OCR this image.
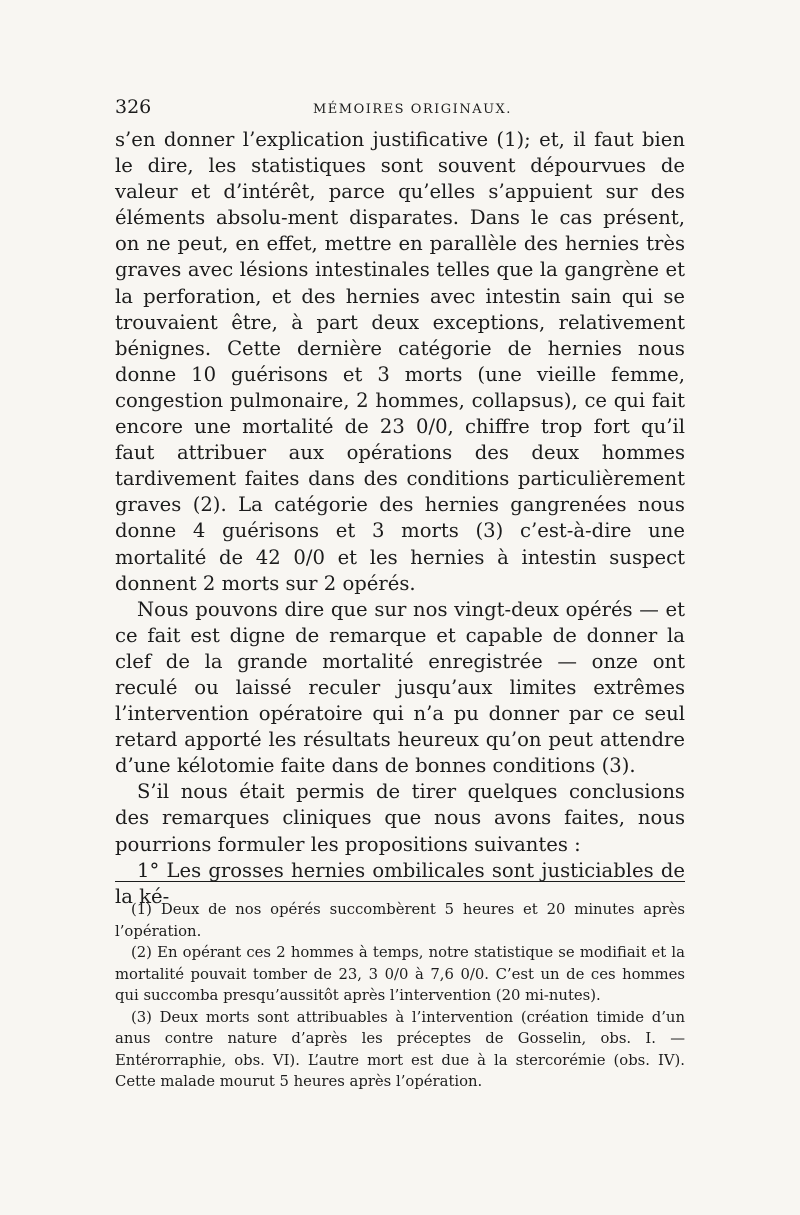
326	MÉMOIRES ORIGINAUX.

s’en donner l’explication justificative (1); et, il faut bien le dire, les statistiques sont souvent dépourvues de valeur et d’intérêt, parce qu’elles s’appuient sur des éléments absolu-ment disparates. Dans le cas présent, on ne peut, en effet, mettre en parallèle des hernies très graves avec lésions intestinales telles que la gangrène et la perforation, et des hernies avec intestin sain qui se trouvaient être, à part deux exceptions, relativement bénignes. Cette dernière catégorie de hernies nous donne 10 guérisons et 3 morts (une vieille femme, congestion pulmonaire, 2 hommes, collapsus), ce qui fait encore une mortalité de 23 0/0, chiffre trop fort qu’il faut attribuer aux opérations des deux hommes tardivement faites dans des conditions particulièrement graves (2). La catégorie des hernies gangrenées nous donne 4 guérisons et 3 morts (3) c’est-à-dire une mortalité de 42 0/0 et les hernies à intestin suspect donnent 2 morts sur 2 opérés.

Nous pouvons dire que sur nos vingt-deux opérés — et ce fait est digne de remarque et capable de donner la clef de la grande mortalité enregistrée — onze ont reculé ou laissé reculer jusqu’aux limites extrêmes l’intervention opératoire qui n’a pu donner par ce seul retard apporté les résultats heureux qu’on peut attendre d’une kélotomie faite dans de bonnes conditions (3).

S’il nous était permis de tirer quelques conclusions des remarques cliniques que nous avons faites, nous pourrions formuler les propositions suivantes :

1° Les grosses hernies ombilicales sont justiciables de la ké-

(1) Deux de nos opérés succombèrent 5 heures et 20 minutes après l’opération.

(2) En opérant ces 2 hommes à temps, notre statistique se modifiait et la mortalité pouvait tomber de 23, 3 0/0 à 7,6 0/0. C’est un de ces hommes qui succomba presqu’aussitôt après l’intervention (20 mi-nutes).

(3) Deux morts sont attribuables à l’intervention (création timide d’un anus contre nature d’après les préceptes de Gosselin, obs. I. — Entérorraphie, obs. VI). L’autre mort est due à la stercorémie (obs. IV). Cette malade mourut 5 heures après l’opération.
